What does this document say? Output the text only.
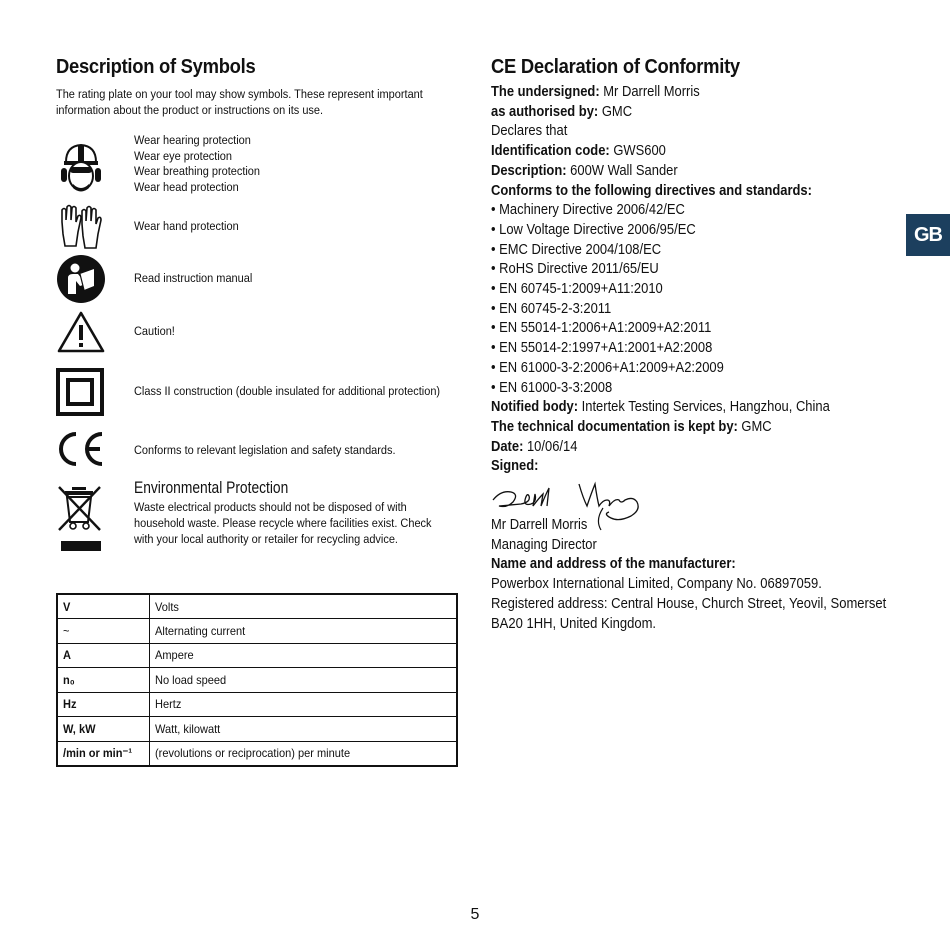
Description of Symbols

The rating plate on your tool may show symbols. These represent important information about the product or instructions on its use.

Wear hearing protection
Wear eye protection
Wear breathing protection
Wear head protection
Wear hand protection
Read instruction manual
Caution!
Class II construction (double insulated for additional protection)
Conforms to relevant legislation and safety standards.
Environmental Protection
Waste electrical products should not be disposed of with household waste. Please recycle where facilities exist. Check with your local authority or retailer for recycling advice.
V	Volts
~	Alternating current
A	Ampere
n₀	No load speed
Hz	Hertz
W, kW	Watt, kilowatt
/min or min⁻¹	(revolutions or reciprocation) per minute
CE Declaration of Conformity
The undersigned: Mr Darrell Morris
as authorised by: GMC
Declares that
Identification code: GWS600
Description: 600W Wall Sander
Conforms to the following directives and standards:
• Machinery Directive 2006/42/EC
• Low Voltage Directive 2006/95/EC
• EMC Directive 2004/108/EC
• RoHS Directive 2011/65/EU
• EN 60745-1:2009+A11:2010
• EN 60745-2-3:2011
• EN 55014-1:2006+A1:2009+A2:2011
• EN 55014-2:1997+A1:2001+A2:2008
• EN 61000-3-2:2006+A1:2009+A2:2009
• EN 61000-3-3:2008
Notified body: Intertek Testing Services, Hangzhou, China
The technical documentation is kept by: GMC
Date: 10/06/14
Signed:
Mr Darrell Morris
Managing Director
Name and address of the manufacturer:
Powerbox International Limited, Company No. 06897059. Registered address: Central House, Church Street, Yeovil, Somerset BA20 1HH, United Kingdom.
GB
5
